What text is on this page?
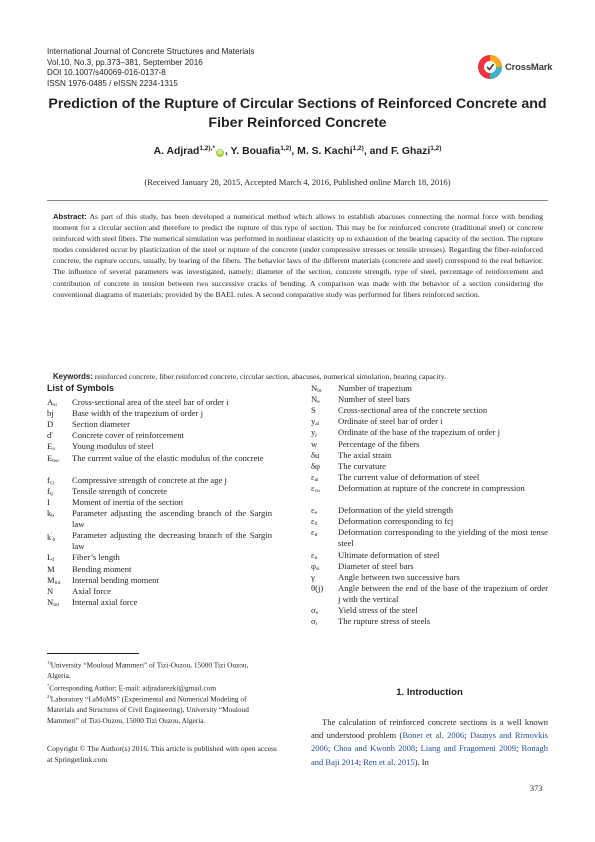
International Journal of Concrete Structures and Materials
Vol.10, No.3, pp.373–381, September 2016
DOI 10.1007/s40069-016-0137-8
ISSN 1976-0485 / eISSN 2234-1315
CrossMark
Prediction of the Rupture of Circular Sections of Reinforced Concrete and Fiber Reinforced Concrete
A. Adjrad$^{1,2),*}$iD , Y. Bouafia$^{1,2)}$, M. S. Kachi$^{1,2)}$, and F. Ghazi$^{1,2)}$
(Received January 28, 2015, Accepted March 4, 2016, Published online March 18, 2016)
Abstract: As part of this study, has been developed a numerical method which allows to establish abacuses connecting the normal force with bending moment for a circular section and therefore to predict the rupture of this type of section. This may be for reinforced concrete (traditional steel) or concrete reinforced with steel fibers. The numerical simulation was performed in nonlinear elasticity up to exhaustion of the bearing capacity of the section. The rupture modes considered occur by plasticization of the steel or rupture of the concrete (under compressive stresses or tensile stresses). Regarding the fiber-reinforced concrete, the rupture occurs, usually, by tearing of the fibers. The behavior laws of the different materials (concrete and steel) correspond to the real behavior. The influence of several parameters was investigated, namely; diameter of the section, concrete strength, type of steel, percentage of reinforcement and contribution of concrete in tension between two successive cracks of bending. A comparison was made with the behavior of a section considering the conventional diagrams of materials; provided by the BAEL rules. A second comparative study was performed for fibers reinforced section.
Keywords: reinforced concrete, fiber reinforced concrete, circular section, abacuses, numerical simulation, bearing capacity.
List of Symbols
$A_{si}$ Cross-sectional area of the steel bar of order i
bj Base width of the trapezium of order j
D Section diameter
d′ Concrete cover of reinforcement
$E_a$ Young modulus of steel
$E_{bsc}$ The current value of the elastic modulus of the concrete
$f_{cj}$ Compressive strength of concrete at the age j
$f_{tj}$ Tensile strength of concrete
I	Moment of inertia of the section
$k_b$ Parameter adjusting the ascending branch of the Sargin law
$k'_b$ Parameter adjusting the decreasing branch of the Sargin law
$L_f$ Fiber’s length
M Bending moment
$M_{int}$ Internal bending moment
N Axial force
$N_{int}$ Internal axial force
$N_{bt}$ Number of trapezium
$N_e$ Number of steel bars
S	Cross-sectional area of the concrete section
$y_{ai}$ Ordinate of steel bar of order i
$y_j$ Ordinate of the base of the trapezium of order j
w Percentage of the fibers
δu The axial strain
δφ The curvature
$\varepsilon_{ai}$ The current value of deformation of steel
$\varepsilon_{cu}$ Deformation at rupture of the concrete in compression
$\varepsilon_e$ Deformation of the yield strength
$\varepsilon_0$ Deformation corresponding to fcj
$\varepsilon_{tt}$ Deformation corresponding to the yielding of the most tense steel
$\varepsilon_u$ Ultimate deformation of steel
$\varphi_{si}$ Diameter of steel bars
γ	Angle between two successive bars
θ(j) Angle between the end of the base of the trapezium of order j with the vertical
$\sigma_e$ Yield stress of the steel
$\sigma_r$ The rupture stress of steels
$^{1)}$University “Mouloud Mammeri” of Tizi-Ouzou, 15000 Tizi Ouzou, Algeria.
*Corresponding Author; E-mail: adjradarezki@gmail.com
$^{2)}$Laboratory “LaMoMS” (Experimental and Numerical Modeling of Materials and Structures of Civil Engineering), University “Mouloud Mammeri” of Tizi-Ouzou, 15000 Tizi Ouzou, Algeria.
Copyright © The Author(s) 2016. This article is published with open access at Springerlink.com
1. Introduction
The calculation of reinforced concrete sections is a well known and understood problem (Bonet et al. 2006; Daunys and Rimovkis 2006; Choa and Kwonb 2008; Liang and Fragomeni 2009; Ronagh and Baji 2014; Ren et al. 2015). In
373
